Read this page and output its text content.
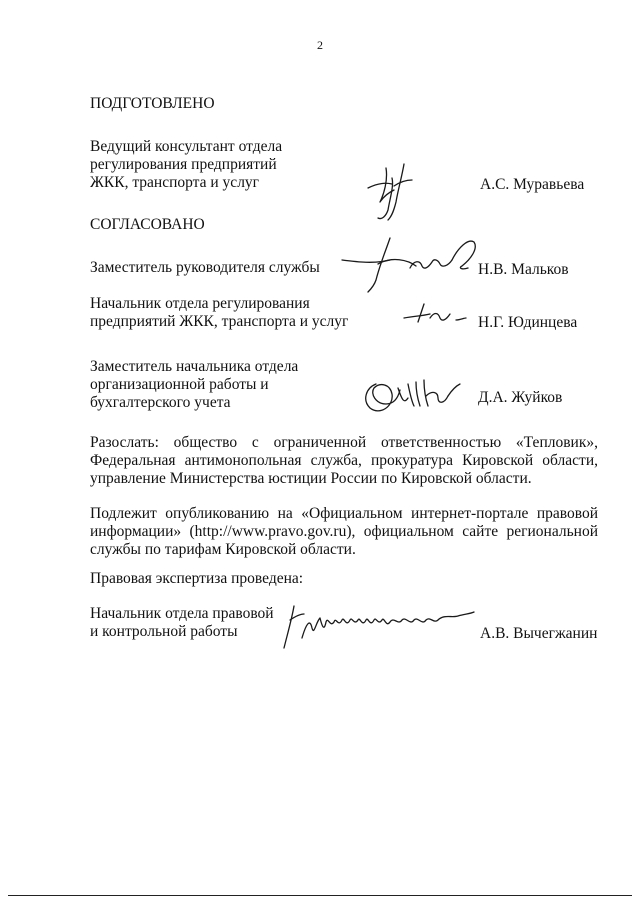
2
ПОДГОТОВЛЕНО
Ведущий консультант отдела
регулирования предприятий
ЖКК, транспорта и услуг	А.С. Муравьева
СОГЛАСОВАНО
Заместитель руководителя службы	Н.В. Мальков
Начальник отдела регулирования
предприятий ЖКК, транспорта и услуг	Н.Г. Юдинцева
Заместитель начальника отдела
организационной работы и
бухгалтерского учета	Д.А. Жуйков
Разослать: общество с ограниченной ответственностью «Тепловик», Федеральная антимонопольная служба, прокуратура Кировской области, управление Министерства юстиции России по Кировской области.
Подлежит опубликованию на «Официальном интернет-портале правовой информации» (http://www.pravo.gov.ru), официальном сайте региональной службы по тарифам Кировской области.
Правовая экспертиза проведена:
Начальник отдела правовой
и контрольной работы	А.В. Вычегжанин
